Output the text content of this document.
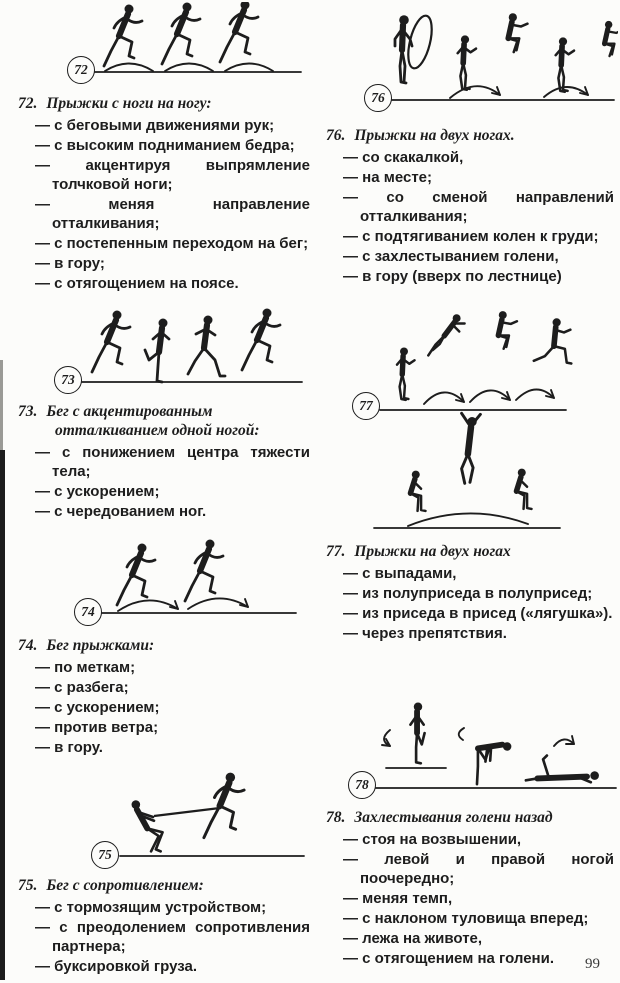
72
76
73
77
74
75
78
72. Прыжки с ноги на ногу:
— с беговыми движениями рук;
— с высоким подниманием бедра;
— акцентируя выпрямление толчковой ноги;
— меняя направление отталкивания;
— с постепенным переходом на бег;
— в гору;
— с отягощением на поясе.
76. Прыжки на двух ногах.
— со скакалкой,
— на месте;
— со сменой направлений отталкивания;
— с подтягиванием колен к груди;
— с захлестыванием голени,
— в гору (вверх по лестнице)
73. Бег с акцентированным отталкиванием одной ногой:
— с понижением центра тяжести тела;
— с ускорением;
— с чередованием ног.
77. Прыжки на двух ногах
— с выпадами,
— из полуприседа в полуприсед;
— из приседа в присед («лягушка»).
— через препятствия.
74. Бег прыжками:
— по меткам;
— с разбега;
— с ускорением;
— против ветра;
— в гору.
78. Захлестывания голени назад
— стоя на возвышении,
— левой и правой ногой поочередно;
— меняя темп,
— с наклоном туловища вперед;
— лежа на животе,
— с отягощением на голени.
75. Бег с сопротивлением:
— с тормозящим устройством;
— с преодолением сопротивления партнера;
— буксировкой груза.	99
